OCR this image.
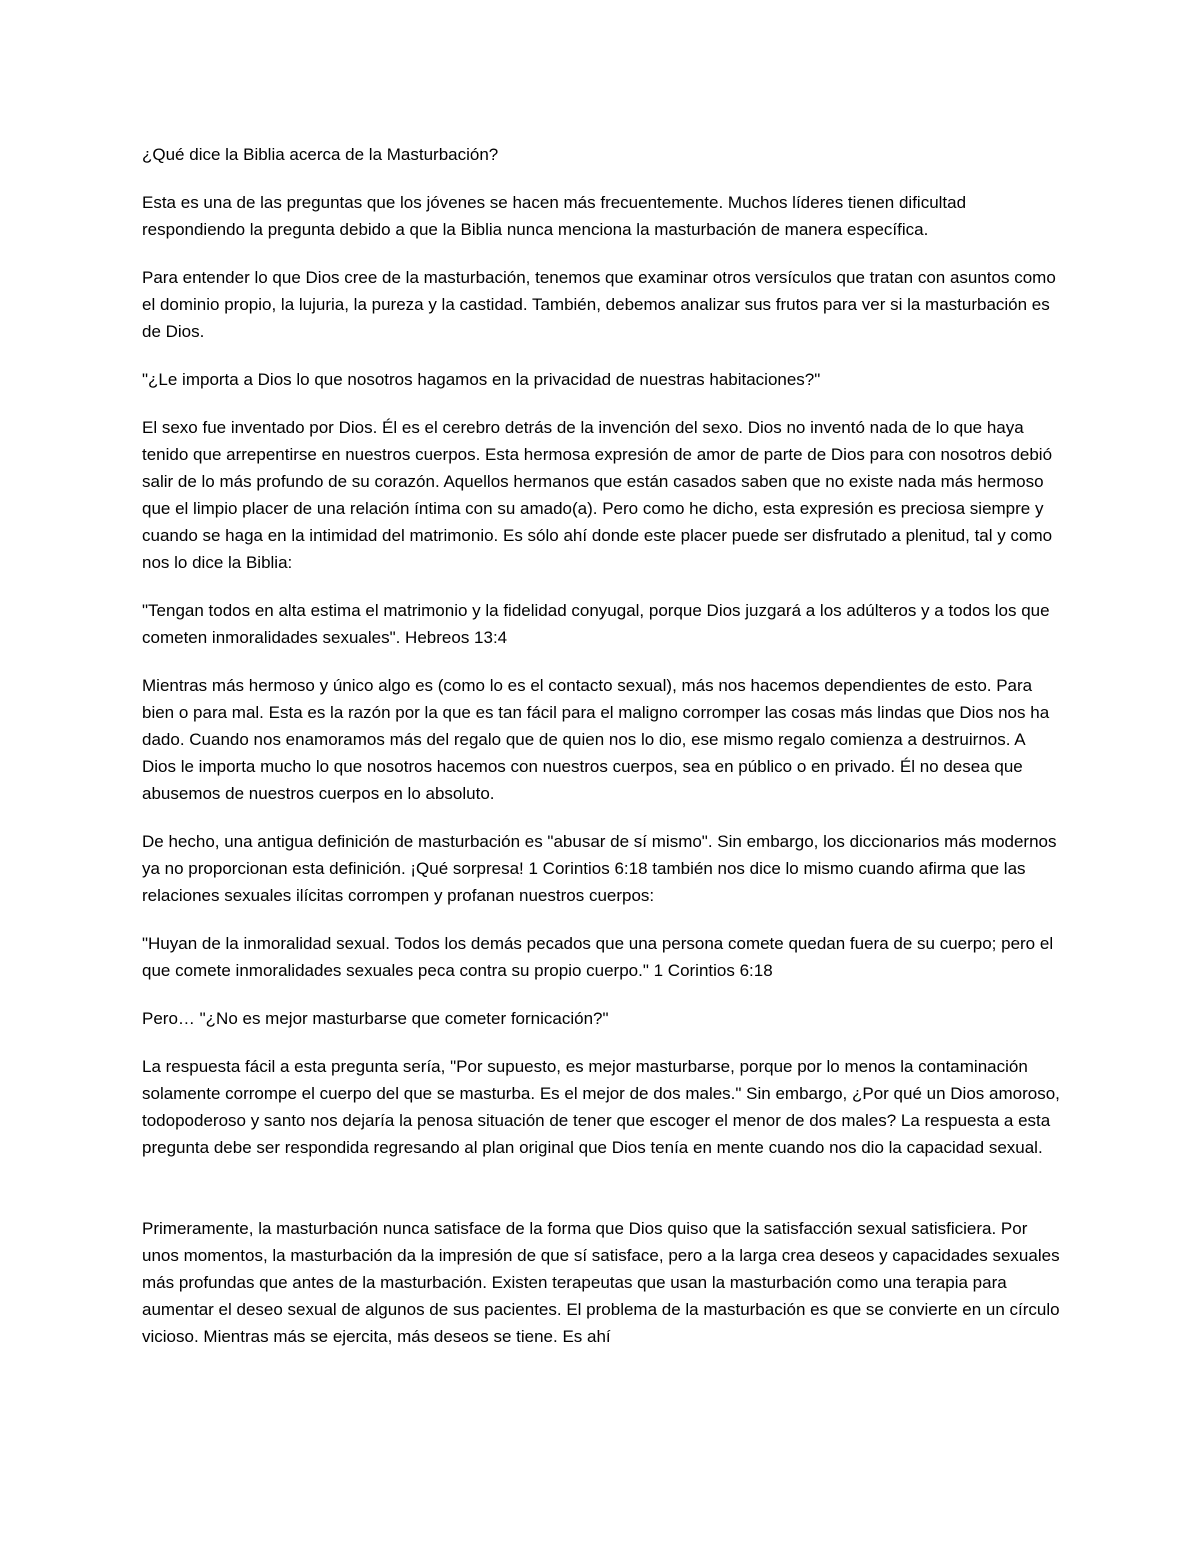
¿Qué dice la Biblia acerca de la Masturbación?

Esta es una de las preguntas que los jóvenes se hacen más frecuentemente. Muchos líderes tienen dificultad respondiendo la pregunta debido a que la Biblia nunca menciona la masturbación de manera específica.

Para entender lo que Dios cree de la masturbación, tenemos que examinar otros versículos que tratan con asuntos como el dominio propio, la lujuria, la pureza y la castidad. También, debemos analizar sus frutos para ver si la masturbación es de Dios.

"¿Le importa a Dios lo que nosotros hagamos en la privacidad de nuestras habitaciones?"

El sexo fue inventado por Dios. Él es el cerebro detrás de la invención del sexo. Dios no inventó nada de lo que haya tenido que arrepentirse en nuestros cuerpos. Esta hermosa expresión de amor de parte de Dios para con nosotros debió salir de lo más profundo de su corazón. Aquellos hermanos que están casados saben que no existe nada más hermoso que el limpio placer de una relación íntima con su amado(a). Pero como he dicho, esta expresión es preciosa siempre y cuando se haga en la intimidad del matrimonio. Es sólo ahí donde este placer puede ser disfrutado a plenitud, tal y como nos lo dice la Biblia:

"Tengan todos en alta estima el matrimonio y la fidelidad conyugal, porque Dios juzgará a los adúlteros y a todos los que cometen inmoralidades sexuales". Hebreos 13:4

Mientras más hermoso y único algo es (como lo es el contacto sexual), más nos hacemos dependientes de esto. Para bien o para mal. Esta es la razón por la que es tan fácil para el maligno corromper las cosas más lindas que Dios nos ha dado. Cuando nos enamoramos más del regalo que de quien nos lo dio, ese mismo regalo comienza a destruirnos. A Dios le importa mucho lo que nosotros hacemos con nuestros cuerpos, sea en público o en privado. Él no desea que abusemos de nuestros cuerpos en lo absoluto.

De hecho, una antigua definición de masturbación es "abusar de sí mismo". Sin embargo, los diccionarios más modernos ya no proporcionan esta definición. ¡Qué sorpresa! 1 Corintios 6:18 también nos dice lo mismo cuando afirma que las relaciones sexuales ilícitas corrompen y profanan nuestros cuerpos:

"Huyan de la inmoralidad sexual. Todos los demás pecados que una persona comete quedan fuera de su cuerpo; pero el que comete inmoralidades sexuales peca contra su propio cuerpo." 1 Corintios 6:18

Pero… "¿No es mejor masturbarse que cometer fornicación?"

La respuesta fácil a esta pregunta sería, "Por supuesto, es mejor masturbarse, porque por lo menos la contaminación solamente corrompe el cuerpo del que se masturba. Es el mejor de dos males." Sin embargo, ¿Por qué un Dios amoroso, todopoderoso y santo nos dejaría la penosa situación de tener que escoger el menor de dos males? La respuesta a esta pregunta debe ser respondida regresando al plan original que Dios tenía en mente cuando nos dio la capacidad sexual.

Primeramente, la masturbación nunca satisface de la forma que Dios quiso que la satisfacción sexual satisficiera. Por unos momentos, la masturbación da la impresión de que sí satisface, pero a la larga crea deseos y capacidades sexuales más profundas que antes de la masturbación. Existen terapeutas que usan la masturbación como una terapia para aumentar el deseo sexual de algunos de sus pacientes. El problema de la masturbación es que se convierte en un círculo vicioso. Mientras más se ejercita, más deseos se tiene. Es ahí
